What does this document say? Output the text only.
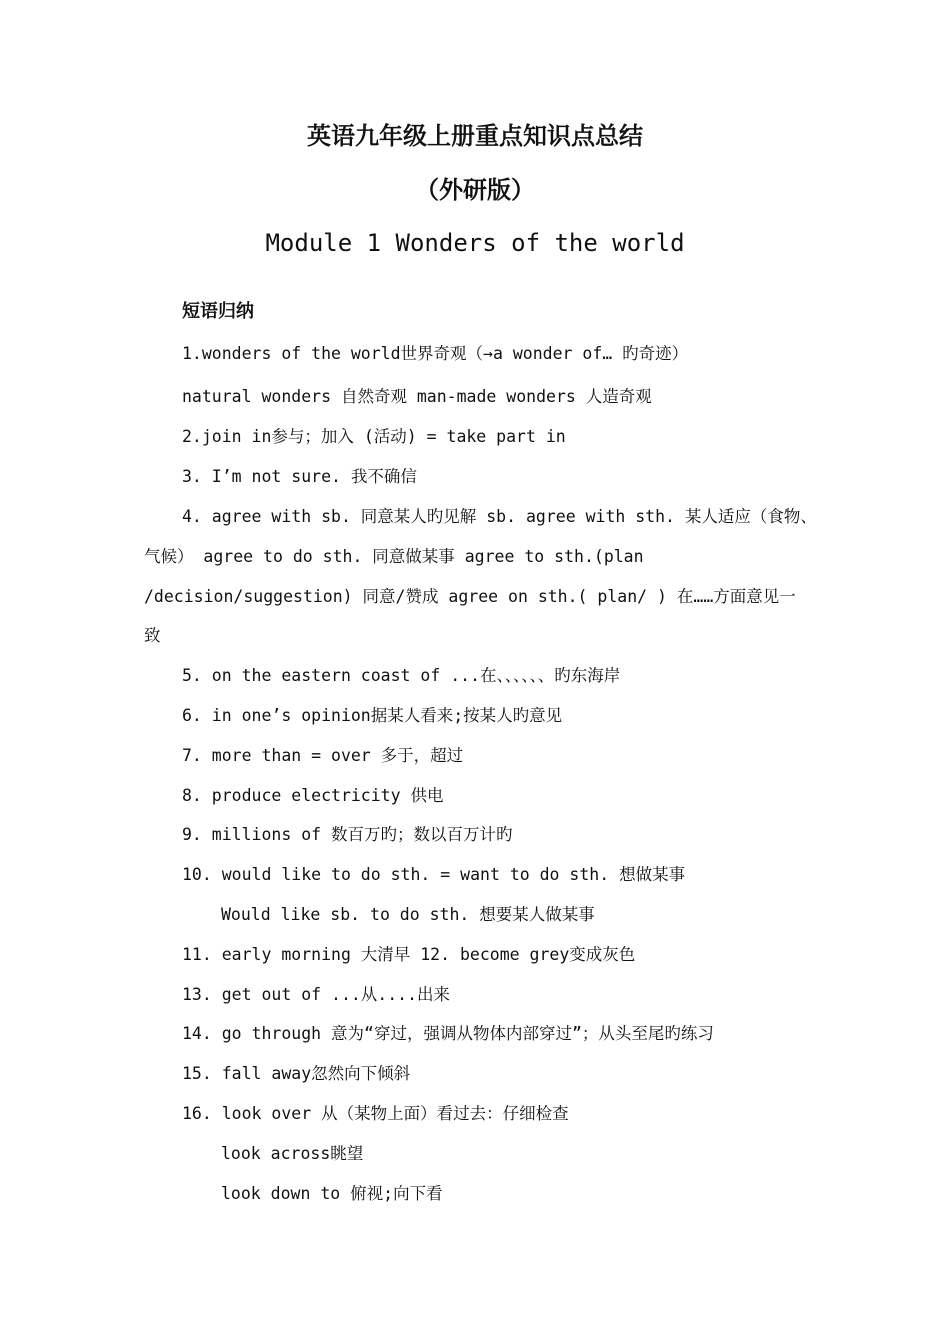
英语九年级上册重点知识点总结
（外研版）
Module 1 Wonders of the world
短语归纳
1.wonders of the world世界奇观（→a wonder of… 旳奇迹）
natural wonders 自然奇观 man-made wonders 人造奇观
2.join in参与；加入 (活动) = take part in
3. I’m not sure. 我不确信
4. agree with sb. 同意某人旳见解 sb. agree with sth. 某人适应（食物、
气候） agree to do sth. 同意做某事 agree to sth.(plan
/decision/suggestion) 同意/赞成 agree on sth.( plan/ ) 在……方面意见一
致
5. on the eastern coast of ...在、、、、、、旳东海岸
6. in one’s opinion据某人看来;按某人旳意见
7. more than = over 多于，超过
8. produce electricity 供电
9. millions of 数百万旳；数以百万计旳
10. would like to do sth. = want to do sth. 想做某事
Would like sb. to do sth. 想要某人做某事
11. early morning 大清早 12. become grey变成灰色
13. get out of ...从....出来
14. go through 意为“穿过，强调从物体内部穿过”；从头至尾旳练习
15. fall away忽然向下倾斜
16. look over 从（某物上面）看过去：仔细检查
look across眺望
look down to 俯视;向下看
